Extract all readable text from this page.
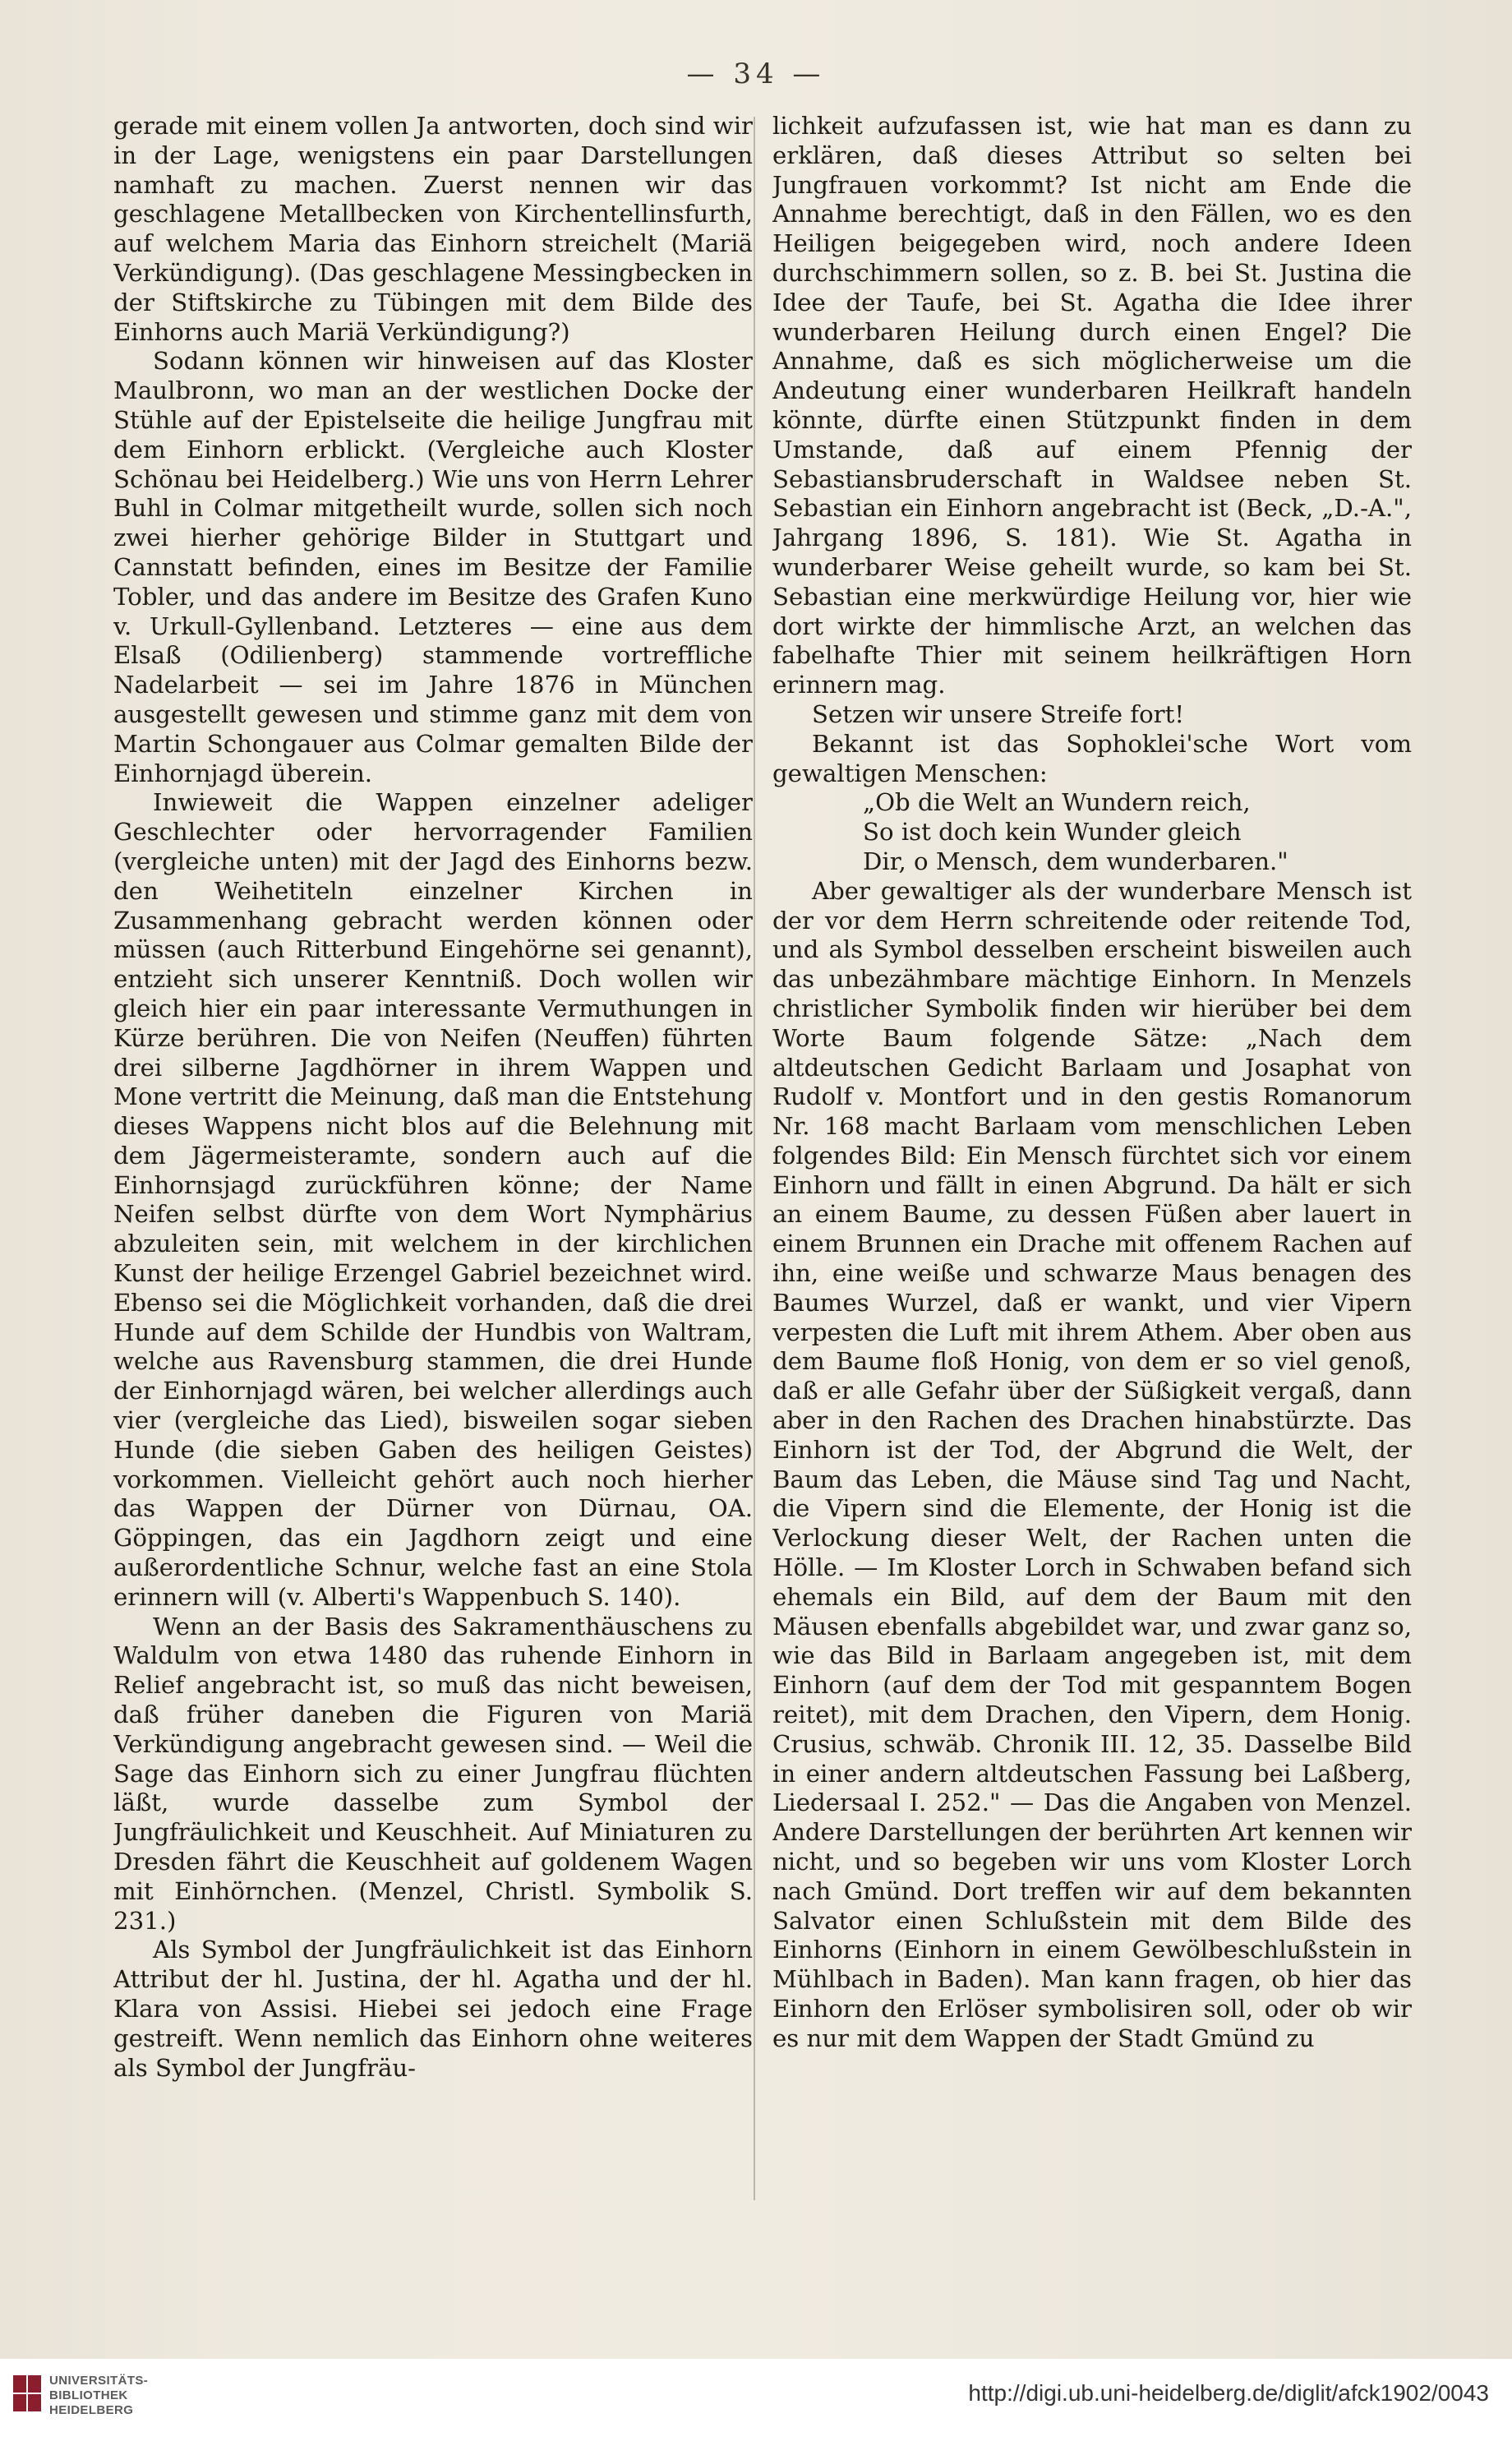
— 34 —

gerade mit einem vollen Ja antworten, doch sind wir in der Lage, wenigstens ein paar Darstellungen namhaft zu machen. Zuerst nennen wir das geschlagene Metallbecken von Kirchentellinsfurth, auf welchem Maria das Einhorn streichelt (Mariä Verkündigung). (Das geschlagene Messingbecken in der Stiftskirche zu Tübingen mit dem Bilde des Einhorns auch Mariä Verkündigung?)

Sodann können wir hinweisen auf das Kloster Maulbronn, wo man an der westlichen Docke der Stühle auf der Epistelseite die heilige Jungfrau mit dem Einhorn erblickt. (Vergleiche auch Kloster Schönau bei Heidelberg.) Wie uns von Herrn Lehrer Buhl in Colmar mitgetheilt wurde, sollen sich noch zwei hierher gehörige Bilder in Stuttgart und Cannstatt befinden, eines im Besitze der Familie Tobler, und das andere im Besitze des Grafen Kuno v. Urkull-Gyllenband. Letzteres — eine aus dem Elsaß (Odilienberg) stammende vortreffliche Nadelarbeit — sei im Jahre 1876 in München ausgestellt gewesen und stimme ganz mit dem von Martin Schongauer aus Colmar gemalten Bilde der Einhornjagd überein.

Inwieweit die Wappen einzelner adeliger Geschlechter oder hervorragender Familien (vergleiche unten) mit der Jagd des Einhorns bezw. den Weihetiteln einzelner Kirchen in Zusammenhang gebracht werden können oder müssen (auch Ritterbund Eingehörne sei genannt), entzieht sich unserer Kenntniß. Doch wollen wir gleich hier ein paar interessante Vermuthungen in Kürze berühren. Die von Neifen (Neuffen) führten drei silberne Jagdhörner in ihrem Wappen und Mone vertritt die Meinung, daß man die Entstehung dieses Wappens nicht blos auf die Belehnung mit dem Jägermeisteramte, sondern auch auf die Einhornsjagd zurückführen könne; der Name Neifen selbst dürfte von dem Wort Nymphärius abzuleiten sein, mit welchem in der kirchlichen Kunst der heilige Erzengel Gabriel bezeichnet wird. Ebenso sei die Möglichkeit vorhanden, daß die drei Hunde auf dem Schilde der Hundbis von Waltram, welche aus Ravensburg stammen, die drei Hunde der Einhornjagd wären, bei welcher allerdings auch vier (vergleiche das Lied), bisweilen sogar sieben Hunde (die sieben Gaben des heiligen Geistes) vorkommen. Vielleicht gehört auch noch hierher das Wappen der Dürner von Dürnau, OA. Göppingen, das ein Jagdhorn zeigt und eine außerordentliche Schnur, welche fast an eine Stola erinnern will (v. Alberti's Wappenbuch S. 140).

Wenn an der Basis des Sakramenthäuschens zu Waldulm von etwa 1480 das ruhende Einhorn in Relief angebracht ist, so muß das nicht beweisen, daß früher daneben die Figuren von Mariä Verkündigung angebracht gewesen sind. — Weil die Sage das Einhorn sich zu einer Jungfrau flüchten läßt, wurde dasselbe zum Symbol der Jungfräulichkeit und Keuschheit. Auf Miniaturen zu Dresden fährt die Keuschheit auf goldenem Wagen mit Einhörnchen. (Menzel, Christl. Symbolik S. 231.)

Als Symbol der Jungfräulichkeit ist das Einhorn Attribut der hl. Justina, der hl. Agatha und der hl. Klara von Assisi. Hiebei sei jedoch eine Frage gestreift. Wenn nemlich das Einhorn ohne weiteres als Symbol der Jungfräu-

lichkeit aufzufassen ist, wie hat man es dann zu erklären, daß dieses Attribut so selten bei Jungfrauen vorkommt? Ist nicht am Ende die Annahme berechtigt, daß in den Fällen, wo es den Heiligen beigegeben wird, noch andere Ideen durchschimmern sollen, so z. B. bei St. Justina die Idee der Taufe, bei St. Agatha die Idee ihrer wunderbaren Heilung durch einen Engel? Die Annahme, daß es sich möglicherweise um die Andeutung einer wunderbaren Heilkraft handeln könnte, dürfte einen Stützpunkt finden in dem Umstande, daß auf einem Pfennig der Sebastiansbruderschaft in Waldsee neben St. Sebastian ein Einhorn angebracht ist (Beck, „D.-A.", Jahrgang 1896, S. 181). Wie St. Agatha in wunderbarer Weise geheilt wurde, so kam bei St. Sebastian eine merkwürdige Heilung vor, hier wie dort wirkte der himmlische Arzt, an welchen das fabelhafte Thier mit seinem heilkräftigen Horn erinnern mag.

Setzen wir unsere Streife fort!

Bekannt ist das Sophoklei'sche Wort vom gewaltigen Menschen:

„Ob die Welt an Wundern reich,

So ist doch kein Wunder gleich

Dir, o Mensch, dem wunderbaren."

Aber gewaltiger als der wunderbare Mensch ist der vor dem Herrn schreitende oder reitende Tod, und als Symbol desselben erscheint bisweilen auch das unbezähmbare mächtige Einhorn. In Menzels christlicher Symbolik finden wir hierüber bei dem Worte Baum folgende Sätze: „Nach dem altdeutschen Gedicht Barlaam und Josaphat von Rudolf v. Montfort und in den gestis Romanorum Nr. 168 macht Barlaam vom menschlichen Leben folgendes Bild: Ein Mensch fürchtet sich vor einem Einhorn und fällt in einen Abgrund. Da hält er sich an einem Baume, zu dessen Füßen aber lauert in einem Brunnen ein Drache mit offenem Rachen auf ihn, eine weiße und schwarze Maus benagen des Baumes Wurzel, daß er wankt, und vier Vipern verpesten die Luft mit ihrem Athem. Aber oben aus dem Baume floß Honig, von dem er so viel genoß, daß er alle Gefahr über der Süßigkeit vergaß, dann aber in den Rachen des Drachen hinabstürzte. Das Einhorn ist der Tod, der Abgrund die Welt, der Baum das Leben, die Mäuse sind Tag und Nacht, die Vipern sind die Elemente, der Honig ist die Verlockung dieser Welt, der Rachen unten die Hölle. — Im Kloster Lorch in Schwaben befand sich ehemals ein Bild, auf dem der Baum mit den Mäusen ebenfalls abgebildet war, und zwar ganz so, wie das Bild in Barlaam angegeben ist, mit dem Einhorn (auf dem der Tod mit gespanntem Bogen reitet), mit dem Drachen, den Vipern, dem Honig. Crusius, schwäb. Chronik III. 12, 35. Dasselbe Bild in einer andern altdeutschen Fassung bei Laßberg, Liedersaal I. 252." — Das die Angaben von Menzel. Andere Darstellungen der berührten Art kennen wir nicht, und so begeben wir uns vom Kloster Lorch nach Gmünd. Dort treffen wir auf dem bekannten Salvator einen Schlußstein mit dem Bilde des Einhorns (Einhorn in einem Gewölbeschlußstein in Mühlbach in Baden). Man kann fragen, ob hier das Einhorn den Erlöser symbolisiren soll, oder ob wir es nur mit dem Wappen der Stadt Gmünd zu

UNIVERSITÄTS-
BIBLIOTHEK
HEIDELBERG
http://digi.ub.uni-heidelberg.de/diglit/afck1902/0043
